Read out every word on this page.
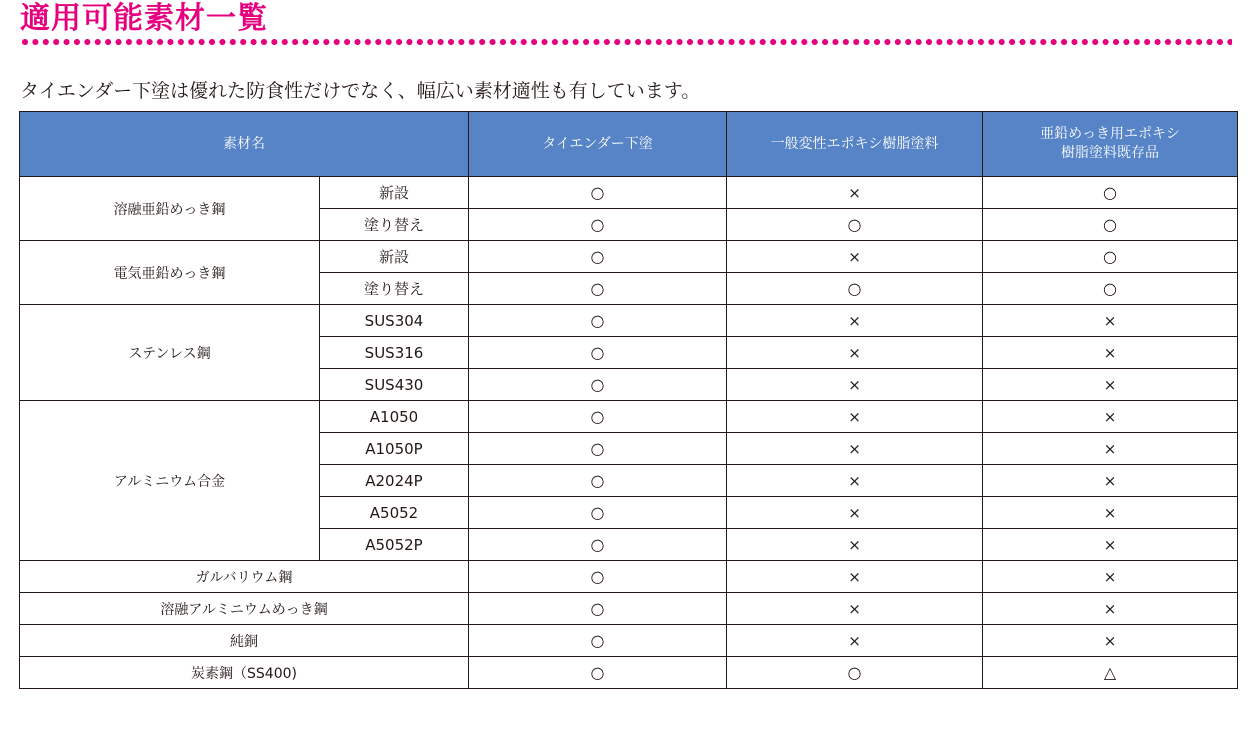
適用可能素材一覧
タイエンダー下塗は優れた防食性だけでなく、幅広い素材適性も有しています。
素材名		タイエンダー下塗	一般変性エポキシ樹脂塗料	亜鉛めっき用エポキシ
樹脂塗料既存品

溶融亜鉛めっき鋼	新設	○	×	○
	塗り替え	○	○	○
電気亜鉛めっき鋼	新設	○	×	○
	塗り替え	○	○	○
ステンレス鋼	SUS304	○	×	×
	SUS316	○	×	×
	SUS430	○	×	×
アルミニウム合金	A1050	○	×	×
	A1050P	○	×	×
	A2024P	○	×	×
	A5052	○	×	×
	A5052P	○	×	×
ガルバリウム鋼		○	×	×
溶融アルミニウムめっき鋼		○	×	×
純銅		○	×	×
炭素鋼（SS400)		○	○	△
